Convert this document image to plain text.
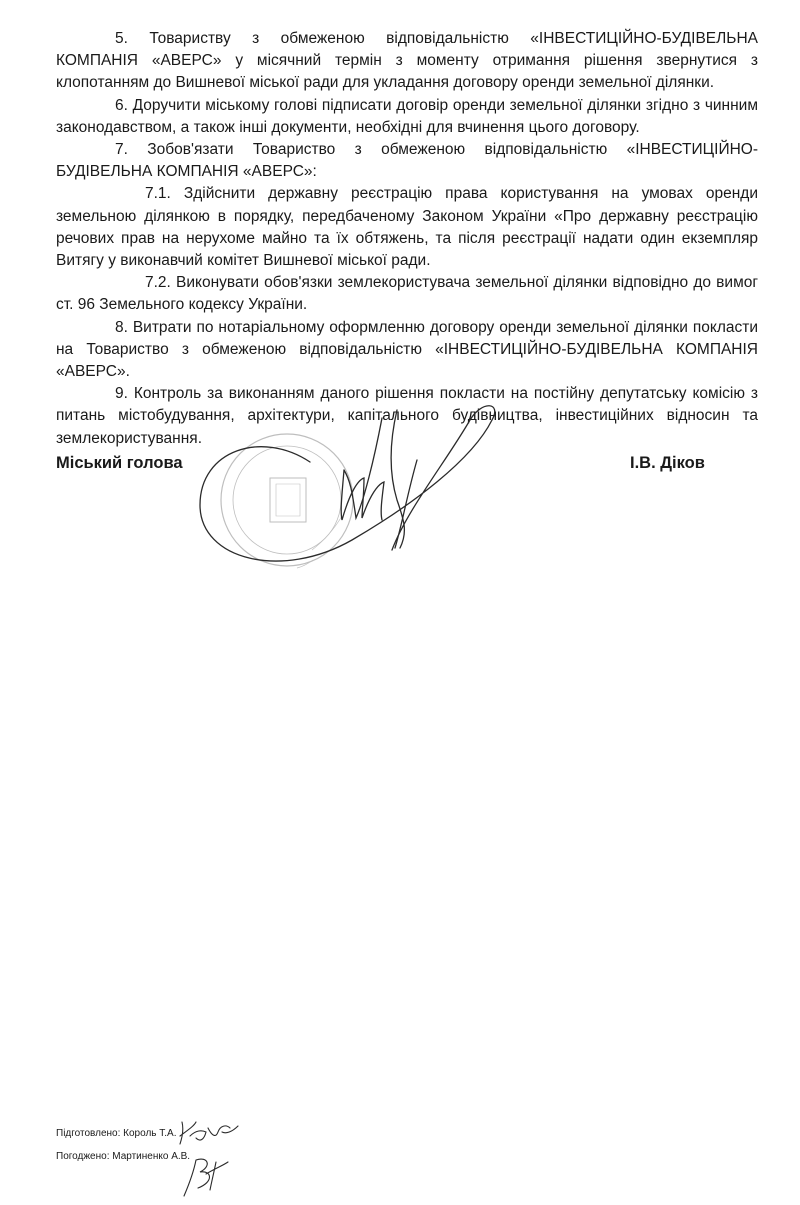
5. Товариству з обмеженою відповідальністю «ІНВЕСТИЦІЙНО-БУДІВЕЛЬНА КОМПАНІЯ «АВЕРС» у місячний термін з моменту отримання рішення звернутися з клопотанням до Вишневої міської ради для укладання договору оренди земельної ділянки.

6. Доручити міському голові підписати договір оренди земельної ділянки згідно з чинним законодавством, а також інші документи, необхідні для вчинення цього договору.

7. Зобов'язати Товариство з обмеженою відповідальністю «ІНВЕСТИЦІЙНО-БУДІВЕЛЬНА КОМПАНІЯ «АВЕРС»:

7.1. Здійснити державну реєстрацію права користування на умовах оренди земельною ділянкою в порядку, передбаченому Законом України «Про державну реєстрацію речових прав на нерухоме майно та їх обтяжень, та після реєстрації надати один екземпляр Витягу у виконавчий комітет Вишневої міської ради.

7.2. Виконувати обов'язки землекористувача земельної ділянки відповідно до вимог ст. 96 Земельного кодексу України.

8. Витрати по нотаріальному оформленню договору оренди земельної ділянки покласти на Товариство з обмеженою відповідальністю «ІНВЕСТИЦІЙНО-БУДІВЕЛЬНА КОМПАНІЯ «АВЕРС».

9. Контроль за виконанням даного рішення покласти на постійну депутатську комісію з питань містобудування, архітектури, капітального будівництва, інвестиційних відносин та землекористування.

Міський голова	І.В. Діков
Підготовлено: Король Т.А.
Погоджено: Мартиненко А.В.
